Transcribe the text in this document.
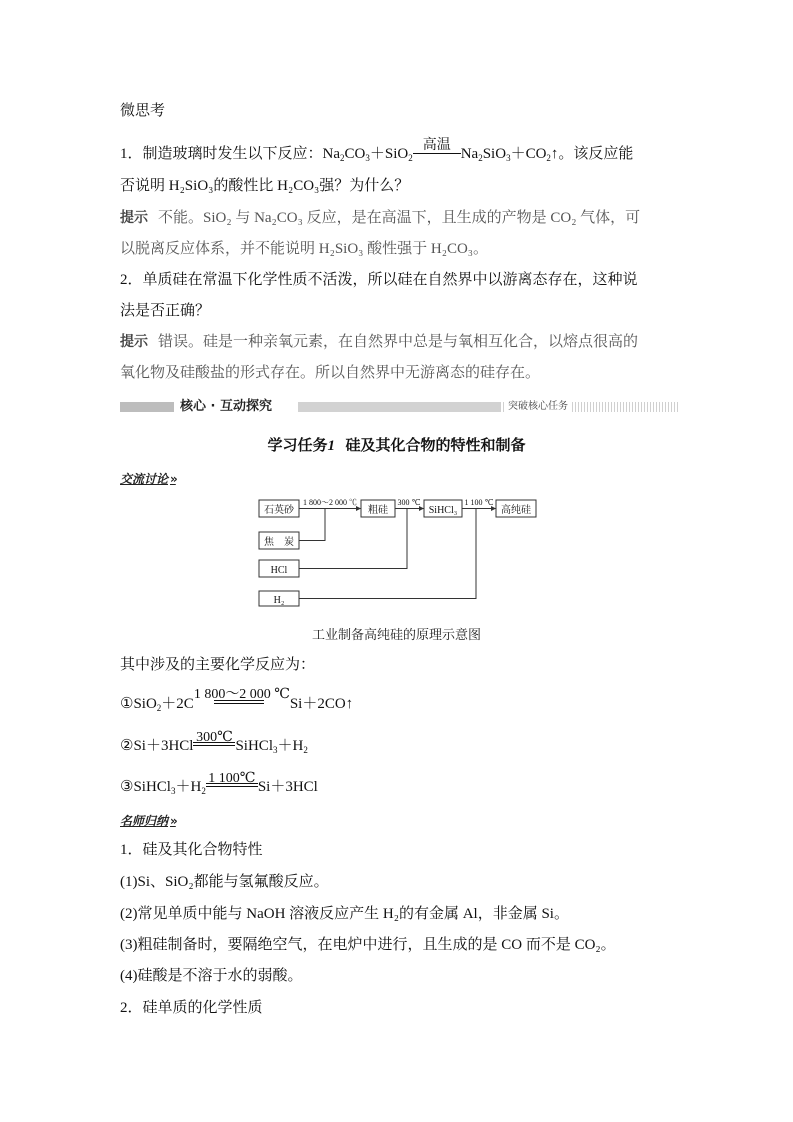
微思考
1．制造玻璃时发生以下反应：$Na_2CO_3+SiO_2$
高温
$Na_2SiO_3+CO_2↑$。该反应能
否说明 H₂SiO₃的酸性比 H₂CO₃强？为什么？
提示 不能。SiO₂ 与 Na₂CO₃ 反应，是在高温下，且生成的产物是 CO₂ 气体，可
以脱离反应体系，并不能说明 H₂SiO₃ 酸性强于 H₂CO₃。
2．单质硅在常温下化学性质不活泼，所以硅在自然界中以游离态存在，这种说
法是否正确？
提示 错误。硅是一种亲氧元素，在自然界中总是与氧相互化合，以熔点很高的
氧化物及硅酸盐的形式存在。所以自然界中无游离态的硅存在。
核心 · 互动探究	突破核心任务
学习任务1 硅及其化合物的特性和制备
交流讨论 »
石英砂	粗硅	SiHCl₃	高纯硅
焦　炭
HCl
H₂
1 800～2 000 ℃	300 ℃	1 100 ℃
工业制备高纯硅的原理示意图
其中涉及的主要化学反应为：
①SiO$_2$＋2C
1 800～2 000 ℃
Si＋2CO↑
②Si＋3HCl
300℃
$SiHCl_3+H_2$
$③SiHCl_3+H_2$
1 100℃
Si＋3HCl
名师归纳 »
1．硅及其化合物特性
(1)Si、SiO₂都能与氢氟酸反应。
(2)常见单质中能与 NaOH 溶液反应产生 H₂的有金属 Al，非金属 Si。
(3)粗硅制备时，要隔绝空气，在电炉中进行，且生成的是 CO 而不是 CO₂。
(4)硅酸是不溶于水的弱酸。
2．硅单质的化学性质
